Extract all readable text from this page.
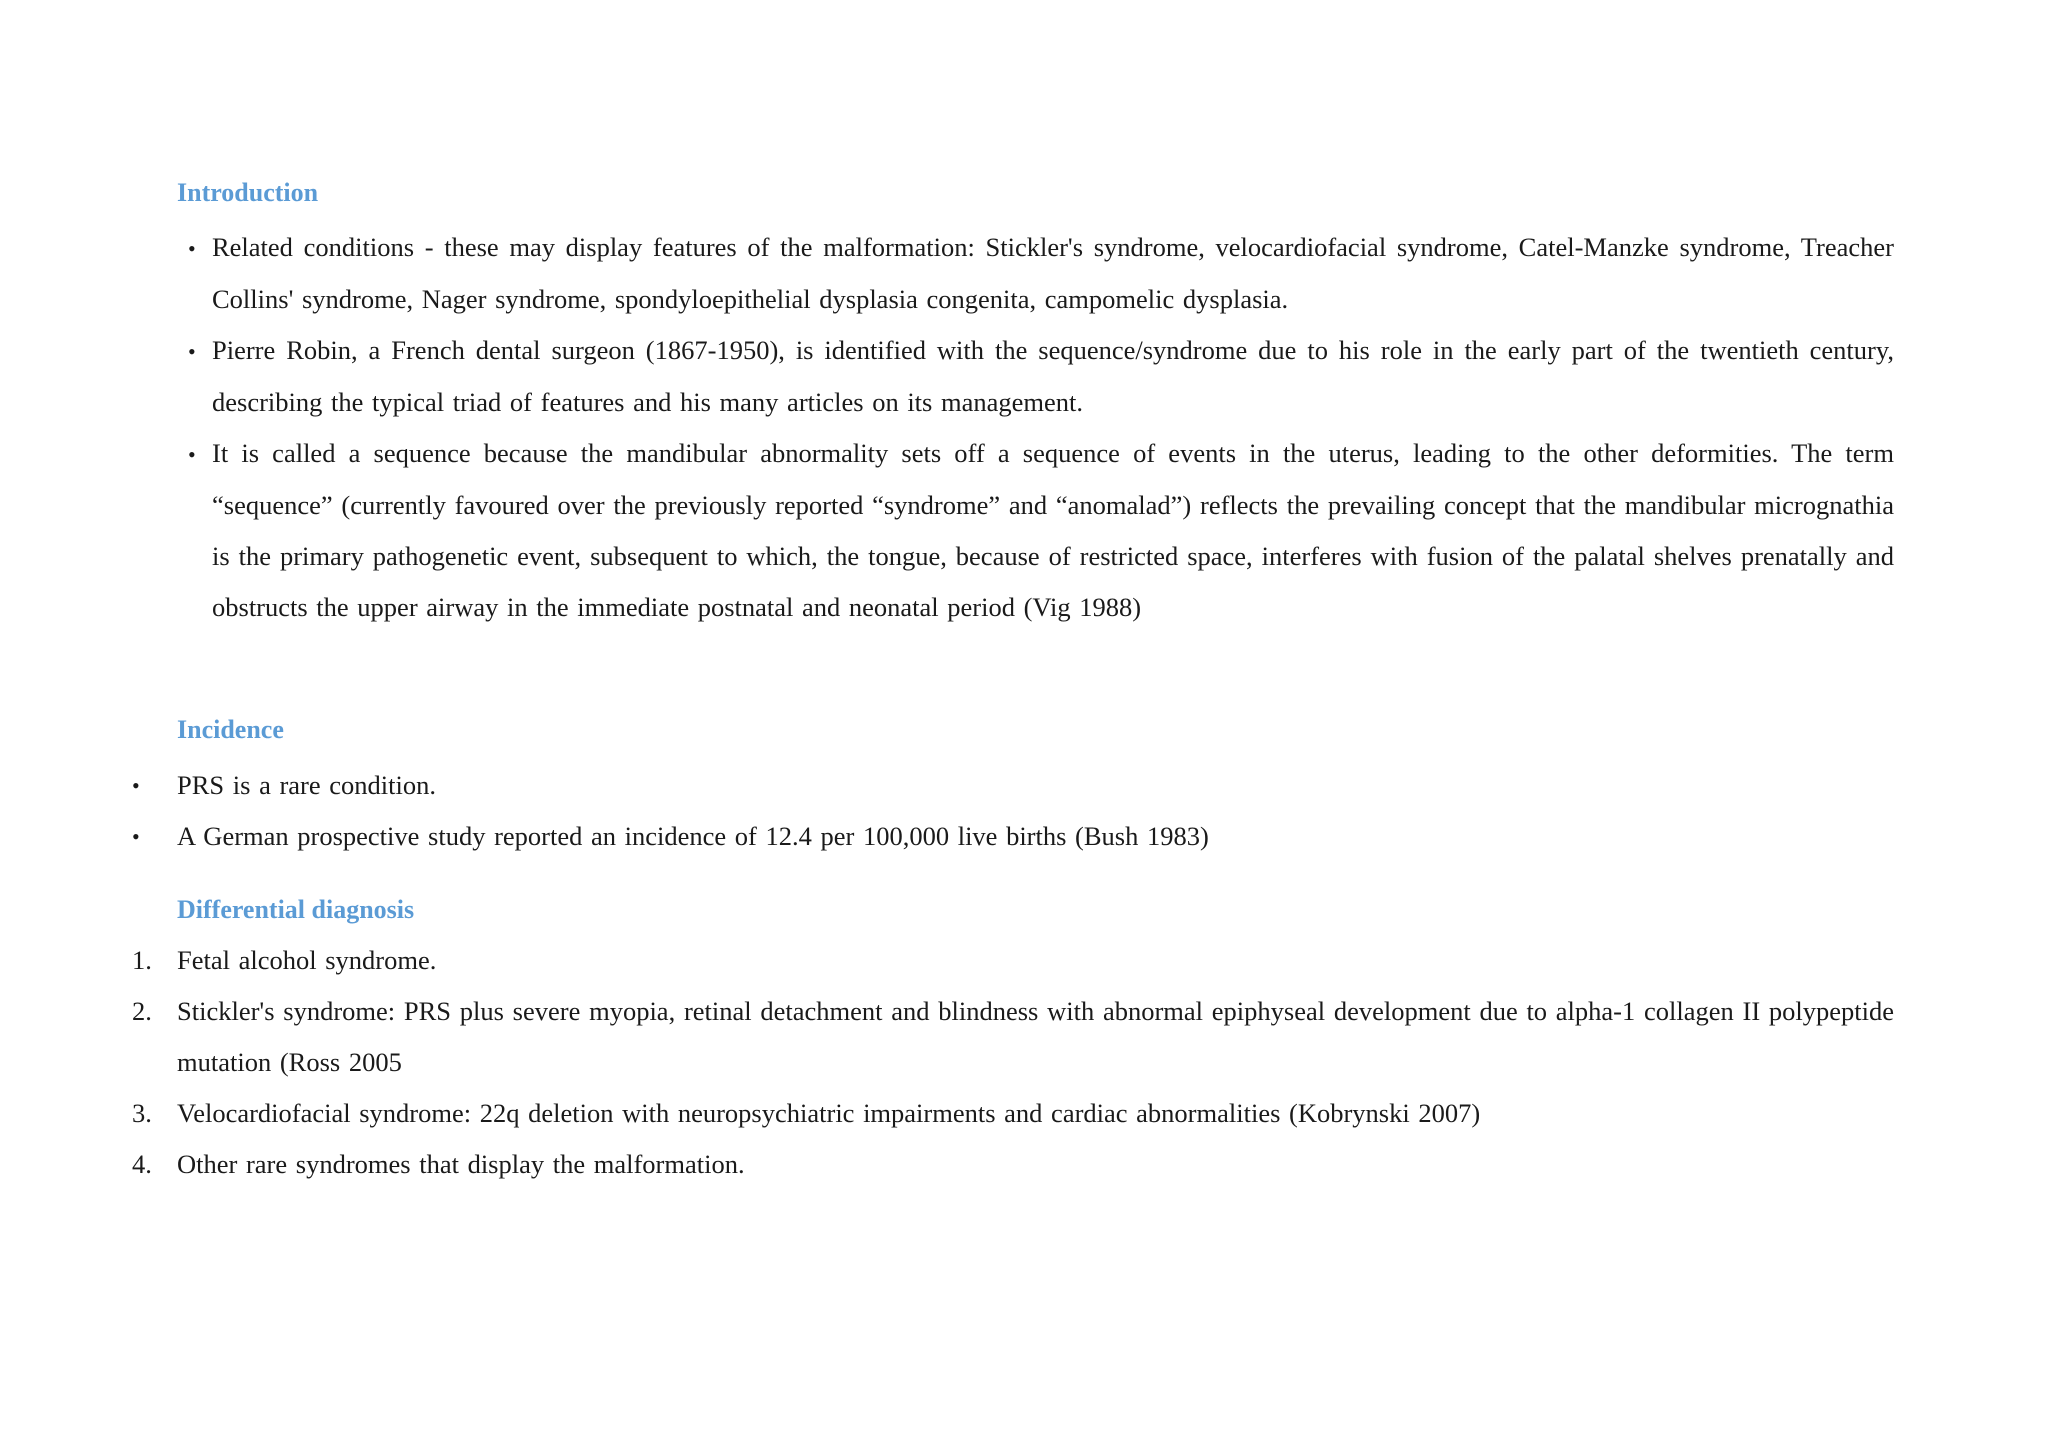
Introduction
• Related conditions - these may display features of the malformation: Stickler's syndrome, velocardiofacial syndrome, Catel-Manzke syndrome, Treacher Collins' syndrome, Nager syndrome, spondyloepithelial dysplasia congenita, campomelic dysplasia.
• Pierre Robin, a French dental surgeon (1867-1950), is identified with the sequence/syndrome due to his role in the early part of the twentieth century, describing the typical triad of features and his many articles on its management.
• It is called a sequence because the mandibular abnormality sets off a sequence of events in the uterus, leading to the other deformities. The term “sequence” (currently favoured over the previously reported “syndrome” and “anomalad”) reflects the prevailing concept that the mandibular micrognathia is the primary pathogenetic event, subsequent to which, the tongue, because of restricted space, interferes with fusion of the palatal shelves prenatally and obstructs the upper airway in the immediate postnatal and neonatal period (Vig 1988)
Incidence
• PRS is a rare condition.
• A German prospective study reported an incidence of 12.4 per 100,000 live births (Bush 1983)
Differential diagnosis
1. Fetal alcohol syndrome.
2. Stickler's syndrome: PRS plus severe myopia, retinal detachment and blindness with abnormal epiphyseal development due to alpha-1 collagen II polypeptide mutation (Ross 2005
3. Velocardiofacial syndrome: 22q deletion with neuropsychiatric impairments and cardiac abnormalities (Kobrynski 2007)
4. Other rare syndromes that display the malformation.
